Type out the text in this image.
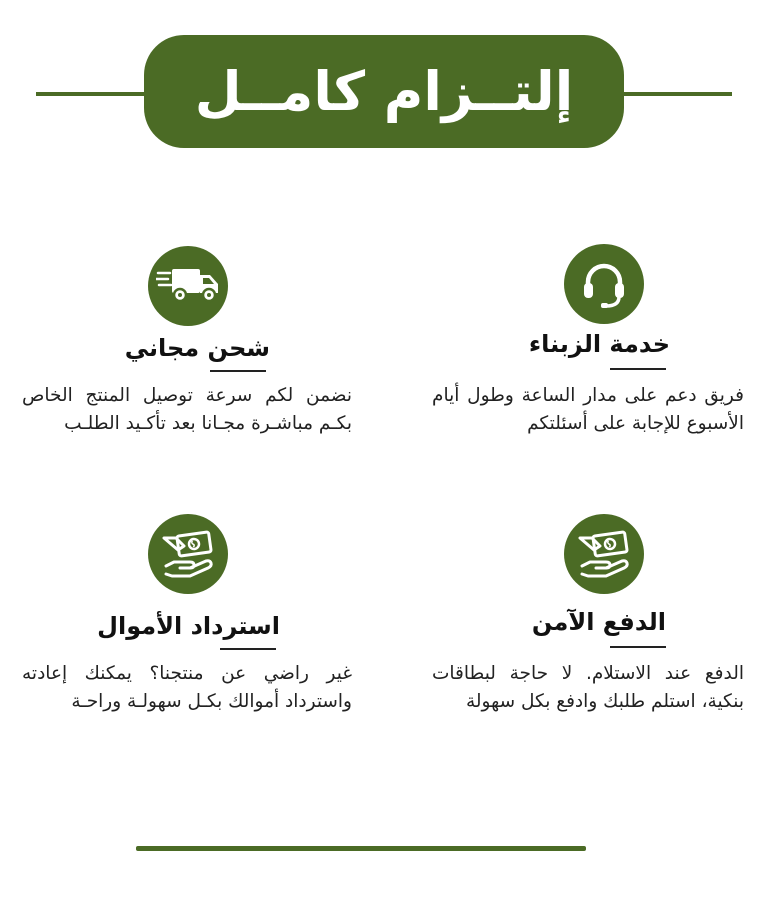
إلتــزام كامــل
خدمة الزبناء
فريق دعم على مدار الساعة وطول أيام الأسبوع للإجابة على أسئلتكم
شحن مجاني
نضمن لكم سرعة توصيل المنتج الخاص بكـم مباشـرة مجـانا بعد تأكـيد الطلـب
الدفع الآمن
الدفع عند الاستلام. لا حاجة لبطاقات بنكية، استلم طلبك وادفع بكل سهولة
استرداد الأموال
غير راضي عن منتجنا؟ يمكنك إعادته واسترداد أموالك بكـل سهولـة وراحـة
